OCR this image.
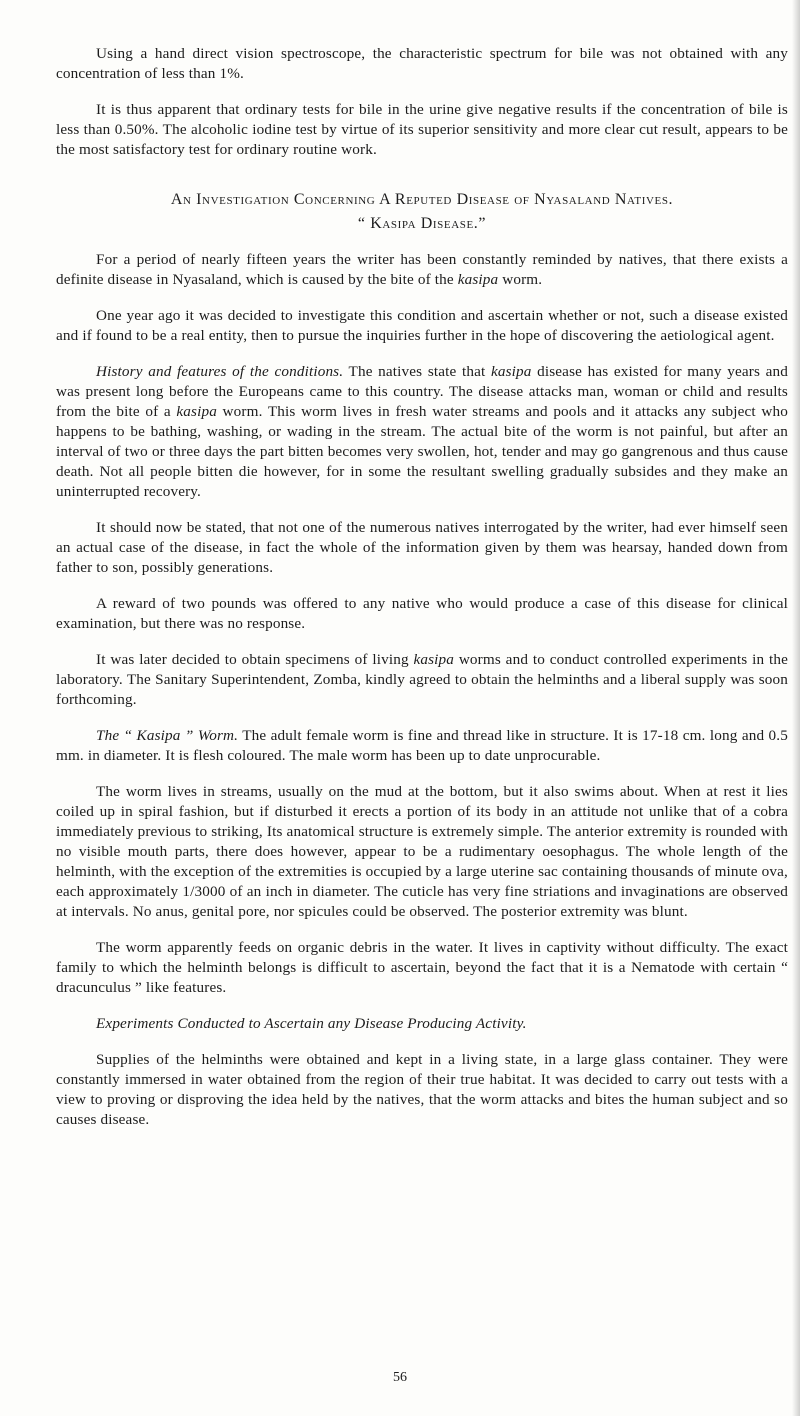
Using a hand direct vision spectroscope, the characteristic spectrum for bile was not obtained with any concentration of less than 1%.

It is thus apparent that ordinary tests for bile in the urine give negative results if the concentration of bile is less than 0.50%. The alcoholic iodine test by virtue of its superior sensitivity and more clear cut result, appears to be the most satisfactory test for ordinary routine work.

An Investigation Concerning A Reputed Disease of Nyasaland Natives.
“ Kasipa Disease.”

For a period of nearly fifteen years the writer has been constantly reminded by natives, that there exists a definite disease in Nyasaland, which is caused by the bite of the kasipa worm.

One year ago it was decided to investigate this condition and ascertain whether or not, such a disease existed and if found to be a real entity, then to pursue the inquiries further in the hope of discovering the aetiological agent.

History and features of the conditions. The natives state that kasipa disease has existed for many years and was present long before the Europeans came to this country. The disease attacks man, woman or child and results from the bite of a kasipa worm. This worm lives in fresh water streams and pools and it attacks any subject who happens to be bathing, washing, or wading in the stream. The actual bite of the worm is not painful, but after an interval of two or three days the part bitten becomes very swollen, hot, tender and may go gangrenous and thus cause death. Not all people bitten die however, for in some the resultant swelling gradually subsides and they make an uninterrupted recovery.

It should now be stated, that not one of the numerous natives interrogated by the writer, had ever himself seen an actual case of the disease, in fact the whole of the information given by them was hearsay, handed down from father to son, possibly generations.

A reward of two pounds was offered to any native who would produce a case of this disease for clinical examination, but there was no response.

It was later decided to obtain specimens of living kasipa worms and to conduct controlled experiments in the laboratory. The Sanitary Superintendent, Zomba, kindly agreed to obtain the helminths and a liberal supply was soon forthcoming.

The “ Kasipa ” Worm. The adult female worm is fine and thread like in structure. It is 17-18 cm. long and 0.5 mm. in diameter. It is flesh coloured. The male worm has been up to date unprocurable.

The worm lives in streams, usually on the mud at the bottom, but it also swims about. When at rest it lies coiled up in spiral fashion, but if disturbed it erects a portion of its body in an attitude not unlike that of a cobra immediately previous to striking, Its anatomical structure is extremely simple. The anterior extremity is rounded with no visible mouth parts, there does however, appear to be a rudimentary oesophagus. The whole length of the helminth, with the exception of the extremities is occupied by a large uterine sac containing thousands of minute ova, each approximately 1/3000 of an inch in diameter. The cuticle has very fine striations and invaginations are observed at intervals. No anus, genital pore, nor spicules could be observed. The posterior extremity was blunt.

The worm apparently feeds on organic debris in the water. It lives in captivity without difficulty. The exact family to which the helminth belongs is difficult to ascertain, beyond the fact that it is a Nematode with certain “ dracunculus ” like features.

Experiments Conducted to Ascertain any Disease Producing Activity.

Supplies of the helminths were obtained and kept in a living state, in a large glass container. They were constantly immersed in water obtained from the region of their true habitat. It was decided to carry out tests with a view to proving or disproving the idea held by the natives, that the worm attacks and bites the human subject and so causes disease.

56
